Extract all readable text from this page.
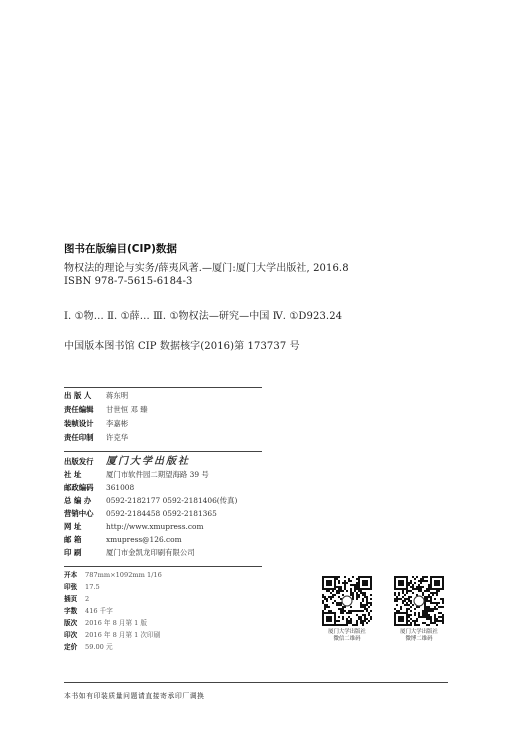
图书在版编目(CIP)数据
物权法的理论与实务/薛夷风著.—厦门:厦门大学出版社, 2016.8
ISBN 978-7-5615-6184-3
Ⅰ. ①物… Ⅱ. ①薛… Ⅲ. ①物权法—研究—中国 Ⅳ. ①D923.24
中国版本图书馆 CIP 数据核字(2016)第 173737 号
出 版 人 蒋东明
责任编辑 甘世恒 邓 臻
装帧设计 李嘉彬
责任印制 许克华
出版发行 厦门大学出版社
社 址	厦门市软件园二期望海路 39 号
邮政编码 361008
总 编 办 0592-2182177 0592-2181406(传真)
营销中心 0592-2184458 0592-2181365
网 址	http://www.xmupress.com
邮 箱	xmupress@126.com
印 刷	厦门市金凯龙印刷有限公司
开本 787mm×1092mm 1/16
印张 17.5
插页 2
字数 416 千字
版次 2016 年 8 月第 1 版
印次 2016 年 8 月第 1 次印刷
定价 59.00 元
本书如有印装质量问题请直接寄承印厂调换
厦门大学出版社
微信二维码
厦门大学出版社
微博二维码
